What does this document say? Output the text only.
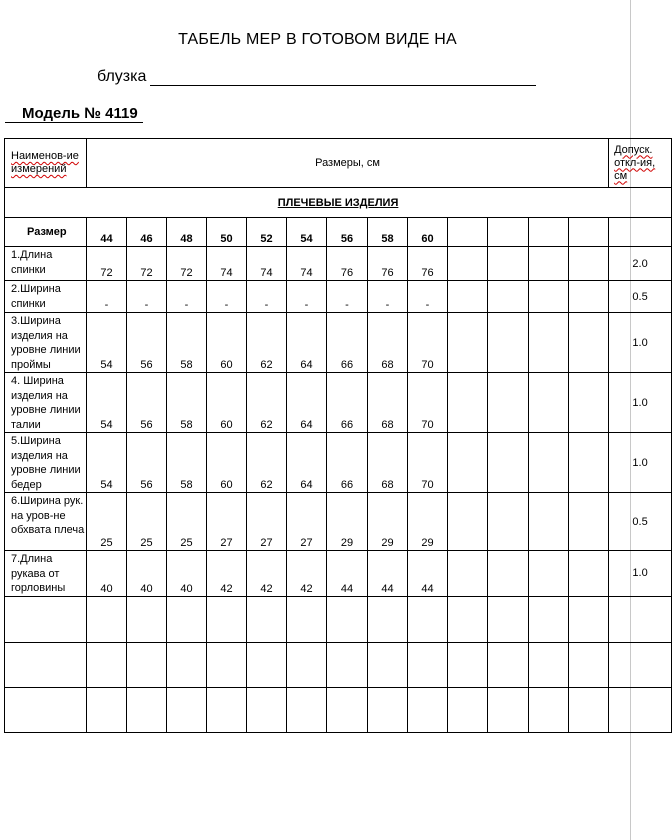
ТАБЕЛЬ МЕР В ГОТОВОМ ВИДЕ НА
блузка
Модель № 4119
Наименов-ие измерений	Размеры, см													Допуск. откл-ия, см
ПЛЕЧЕВЫЕ ИЗДЕЛИЯ														
Размер	44	46	48	50	52	54	56	58	60					
1.Длина спинки	72	72	72	74	74	74	76	76	76					2.0
2.Ширина спинки	-	-	-	-	-	-	-	-	-					0.5
3.Ширина изделия на уровне линии проймы	54	56	58	60	62	64	66	68	70					1.0
4. Ширина изделия на уровне линии талии	54	56	58	60	62	64	66	68	70					1.0
5.Ширина изделия на уровне линии бедер	54	56	58	60	62	64	66	68	70					1.0
6.Ширина рук. на уров-не обхвата плеча	25	25	25	27	27	27	29	29	29					0.5
7.Длина рукава от горловины	40	40	40	42	42	42	44	44	44					1.0
